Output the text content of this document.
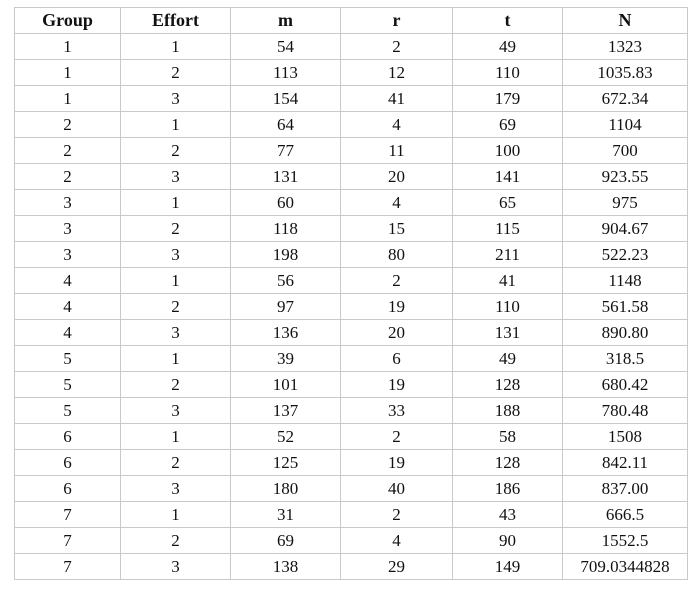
Group	Effort	m	r	t	N
1	1	54	2	49	1323
1	2	113	12	110	1035.83
1	3	154	41	179	672.34
2	1	64	4	69	1104
2	2	77	11	100	700
2	3	131	20	141	923.55
3	1	60	4	65	975
3	2	118	15	115	904.67
3	3	198	80	211	522.23
4	1	56	2	41	1148
4	2	97	19	110	561.58
4	3	136	20	131	890.80
5	1	39	6	49	318.5
5	2	101	19	128	680.42
5	3	137	33	188	780.48
6	1	52	2	58	1508
6	2	125	19	128	842.11
6	3	180	40	186	837.00
7	1	31	2	43	666.5
7	2	69	4	90	1552.5
7	3	138	29	149	709.0344828
